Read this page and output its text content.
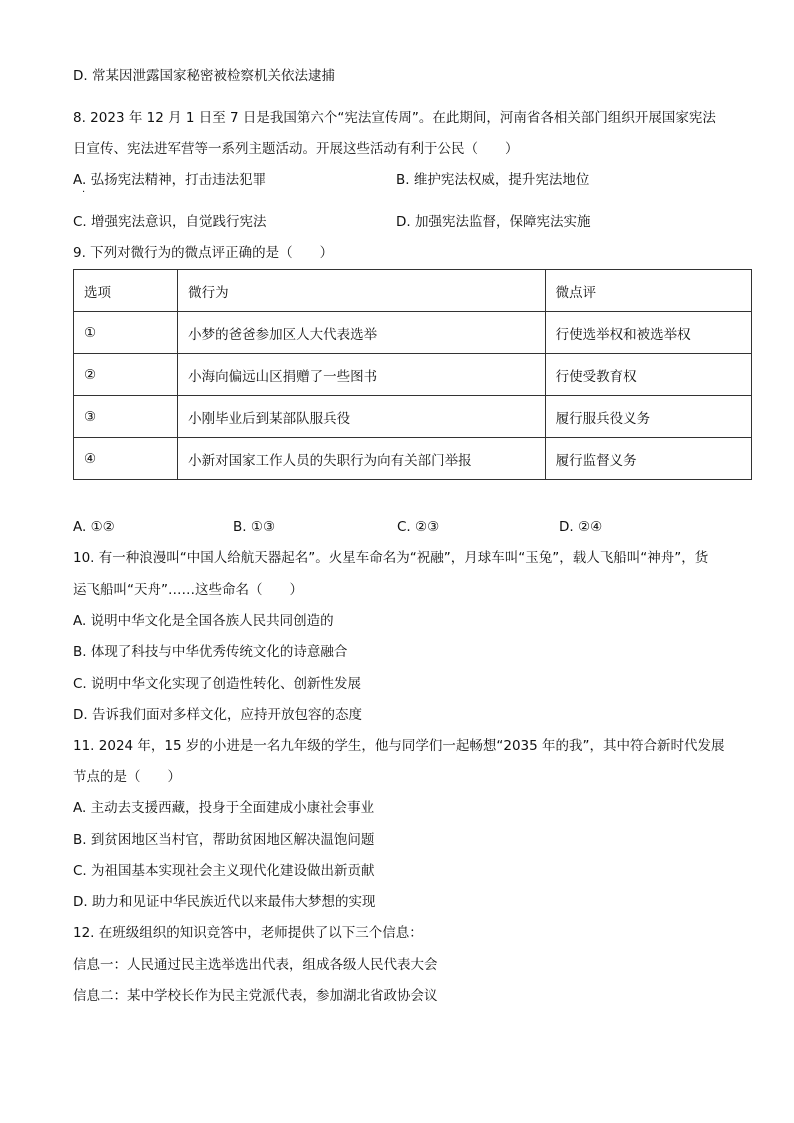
D. 常某因泄露国家秘密被检察机关依法逮捕
8. 2023 年 12 月 1 日至 7 日是我国第六个“宪法宣传周”。在此期间，河南省各相关部门组织开展国家宪法
日宣传、宪法进军营等一系列主题活动。开展这些活动有利于公民（　　）
A. 弘扬宪法精神，打击违法犯罪	B. 维护宪法权威，提升宪法地位
·
C. 增强宪法意识，自觉践行宪法	D. 加强宪法监督，保障宪法实施
9. 下列对微行为的微点评正确的是（　　）
选项	微行为	微点评
①	小梦的爸爸参加区人大代表选举	行使选举权和被选举权
②	小海向偏远山区捐赠了一些图书	行使受教育权
③	小刚毕业后到某部队服兵役	履行服兵役义务
④	小新对国家工作人员的失职行为向有关部门举报	履行监督义务
A. ①②	B. ①③	C. ②③	D. ②④
10. 有一种浪漫叫“中国人给航天器起名”。火星车命名为“祝融”，月球车叫“玉兔”，载人飞船叫“神舟”，货
运飞船叫“天舟”……这些命名（　　）
A. 说明中华文化是全国各族人民共同创造的
B. 体现了科技与中华优秀传统文化的诗意融合
C. 说明中华文化实现了创造性转化、创新性发展
D. 告诉我们面对多样文化，应持开放包容的态度
11. 2024 年，15 岁的小进是一名九年级的学生，他与同学们一起畅想“2035 年的我”，其中符合新时代发展
节点的是（　　）
A. 主动去支援西藏，投身于全面建成小康社会事业
B. 到贫困地区当村官，帮助贫困地区解决温饱问题
C. 为祖国基本实现社会主义现代化建设做出新贡献
D. 助力和见证中华民族近代以来最伟大梦想的实现
12. 在班级组织的知识竞答中，老师提供了以下三个信息：
信息一：人民通过民主选举选出代表，组成各级人民代表大会
信息二：某中学校长作为民主党派代表，参加湖北省政协会议
